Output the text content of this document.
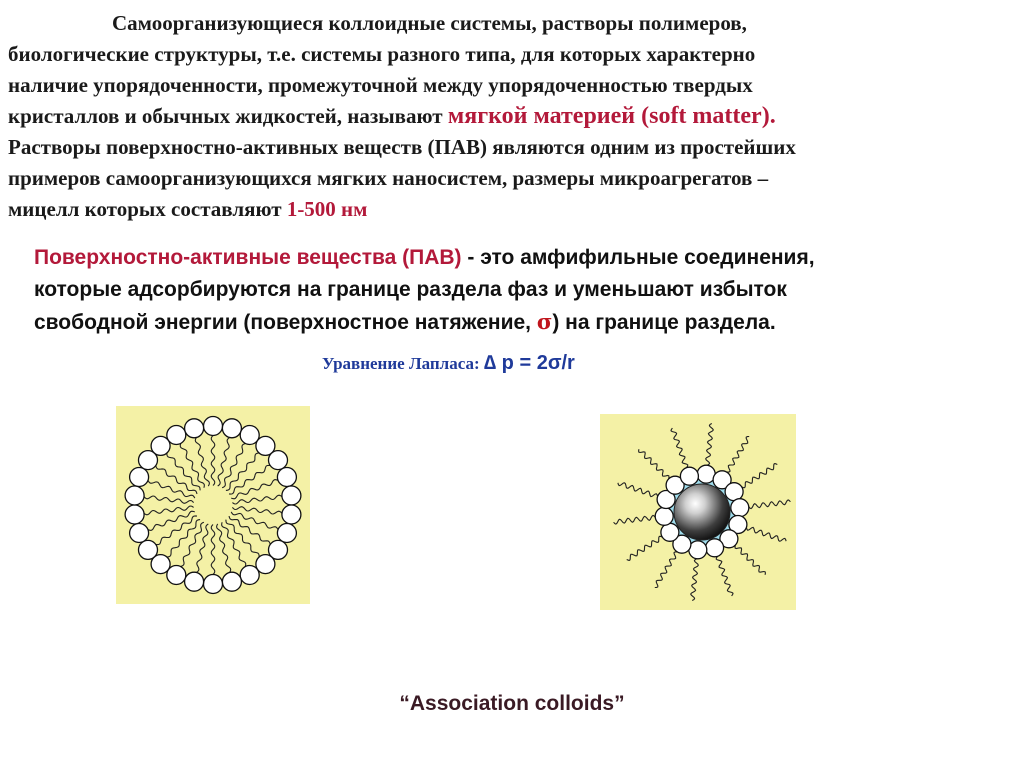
Самоорганизующиеся коллоидные системы, растворы полимеров,
биологические структуры, т.е. системы разного типа, для которых характерно
наличие упорядоченности, промежуточной между упорядоченностью твердых
кристаллов и обычных жидкостей, называют мягкой материей (soft matter).
Растворы поверхностно-активных веществ (ПАВ) являются одним из простейших
примеров самоорганизующихся мягких наносистем, размеры микроагрегатов –
мицелл которых составляют 1-500 нм

Поверхностно-активные вещества (ПАВ) - это амфифильные соединения,
которые адсорбируются на границе раздела фаз и уменьшают избыток
свободной энергии (поверхностное натяжение, σ) на границе раздела.

Уравнение Лапласа: ∆ p = 2σ/r
“Association colloids”
